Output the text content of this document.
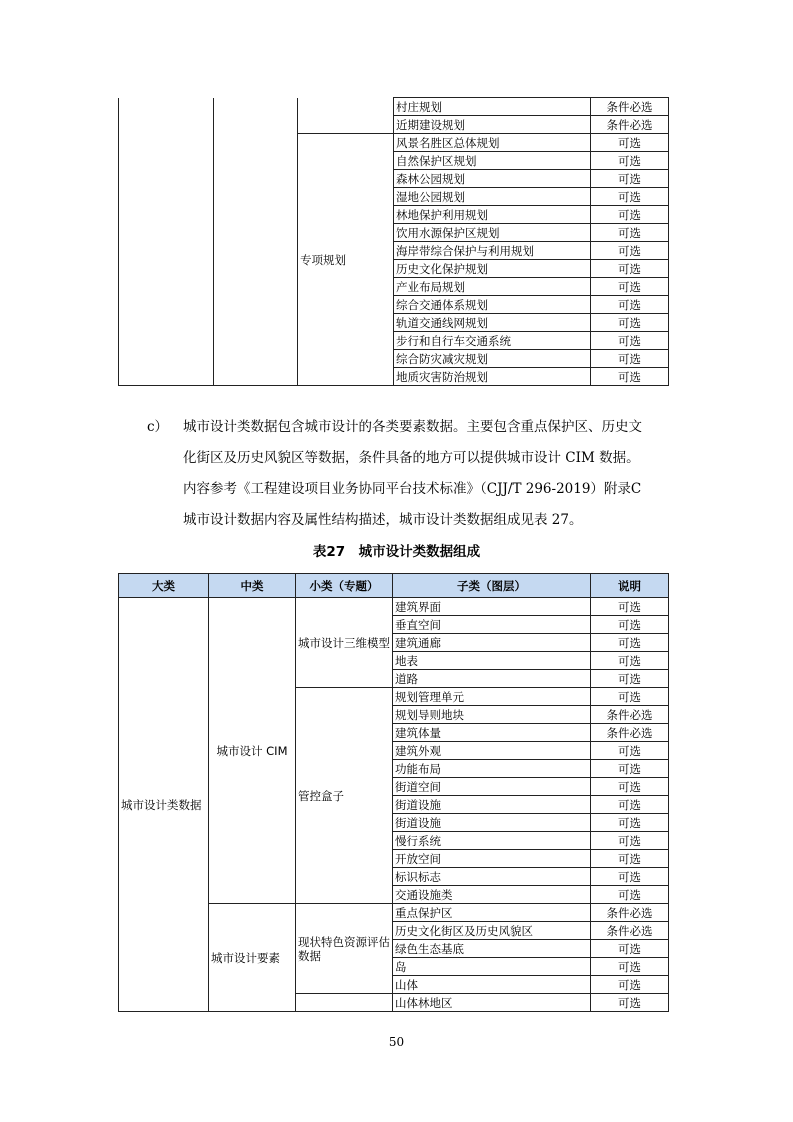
			村庄规划	条件必选
			近期建设规划	条件必选
		专项规划	风景名胜区总体规划	可选
			自然保护区规划	可选
			森林公园规划	可选
			湿地公园规划	可选
			林地保护利用规划	可选
			饮用水源保护区规划	可选
			海岸带综合保护与利用规划	可选
			历史文化保护规划	可选
			产业布局规划	可选
			综合交通体系规划	可选
			轨道交通线网规划	可选
			步行和自行车交通系统	可选
			综合防灾减灾规划	可选
			地质灾害防治规划	可选
c） 城市设计类数据包含城市设计的各类要素数据。主要包含重点保护区、历史文化街区及历史风貌区等数据，条件具备的地方可以提供城市设计 CIM 数据。内容参考《工程建设项目业务协同平台技术标准》（CJJ/T 296-2019）附录C 城市设计数据内容及属性结构描述，城市设计类数据组成见表 27。
表27　城市设计类数据组成
大类	中类	小类（专题）	子类（图层）	说明
城市设计类数据	城市设计 CIM	城市设计三维模型	建筑界面	可选
			垂直空间	可选
			建筑通廊	可选
			地表	可选
			道路	可选
		管控盒子	规划管理单元	可选
			规划导则地块	条件必选
			建筑体量	条件必选
			建筑外观	可选
			功能布局	可选
			街道空间	可选
			街道设施	可选
			街道设施	可选
			慢行系统	可选
			开放空间	可选
			标识标志	可选
			交通设施类	可选
	城市设计要素	现状特色资源评估数据	重点保护区	条件必选
			历史文化街区及历史风貌区	条件必选
			绿色生态基底	可选
			岛	可选
			山体	可选
			山体林地区	可选
50
